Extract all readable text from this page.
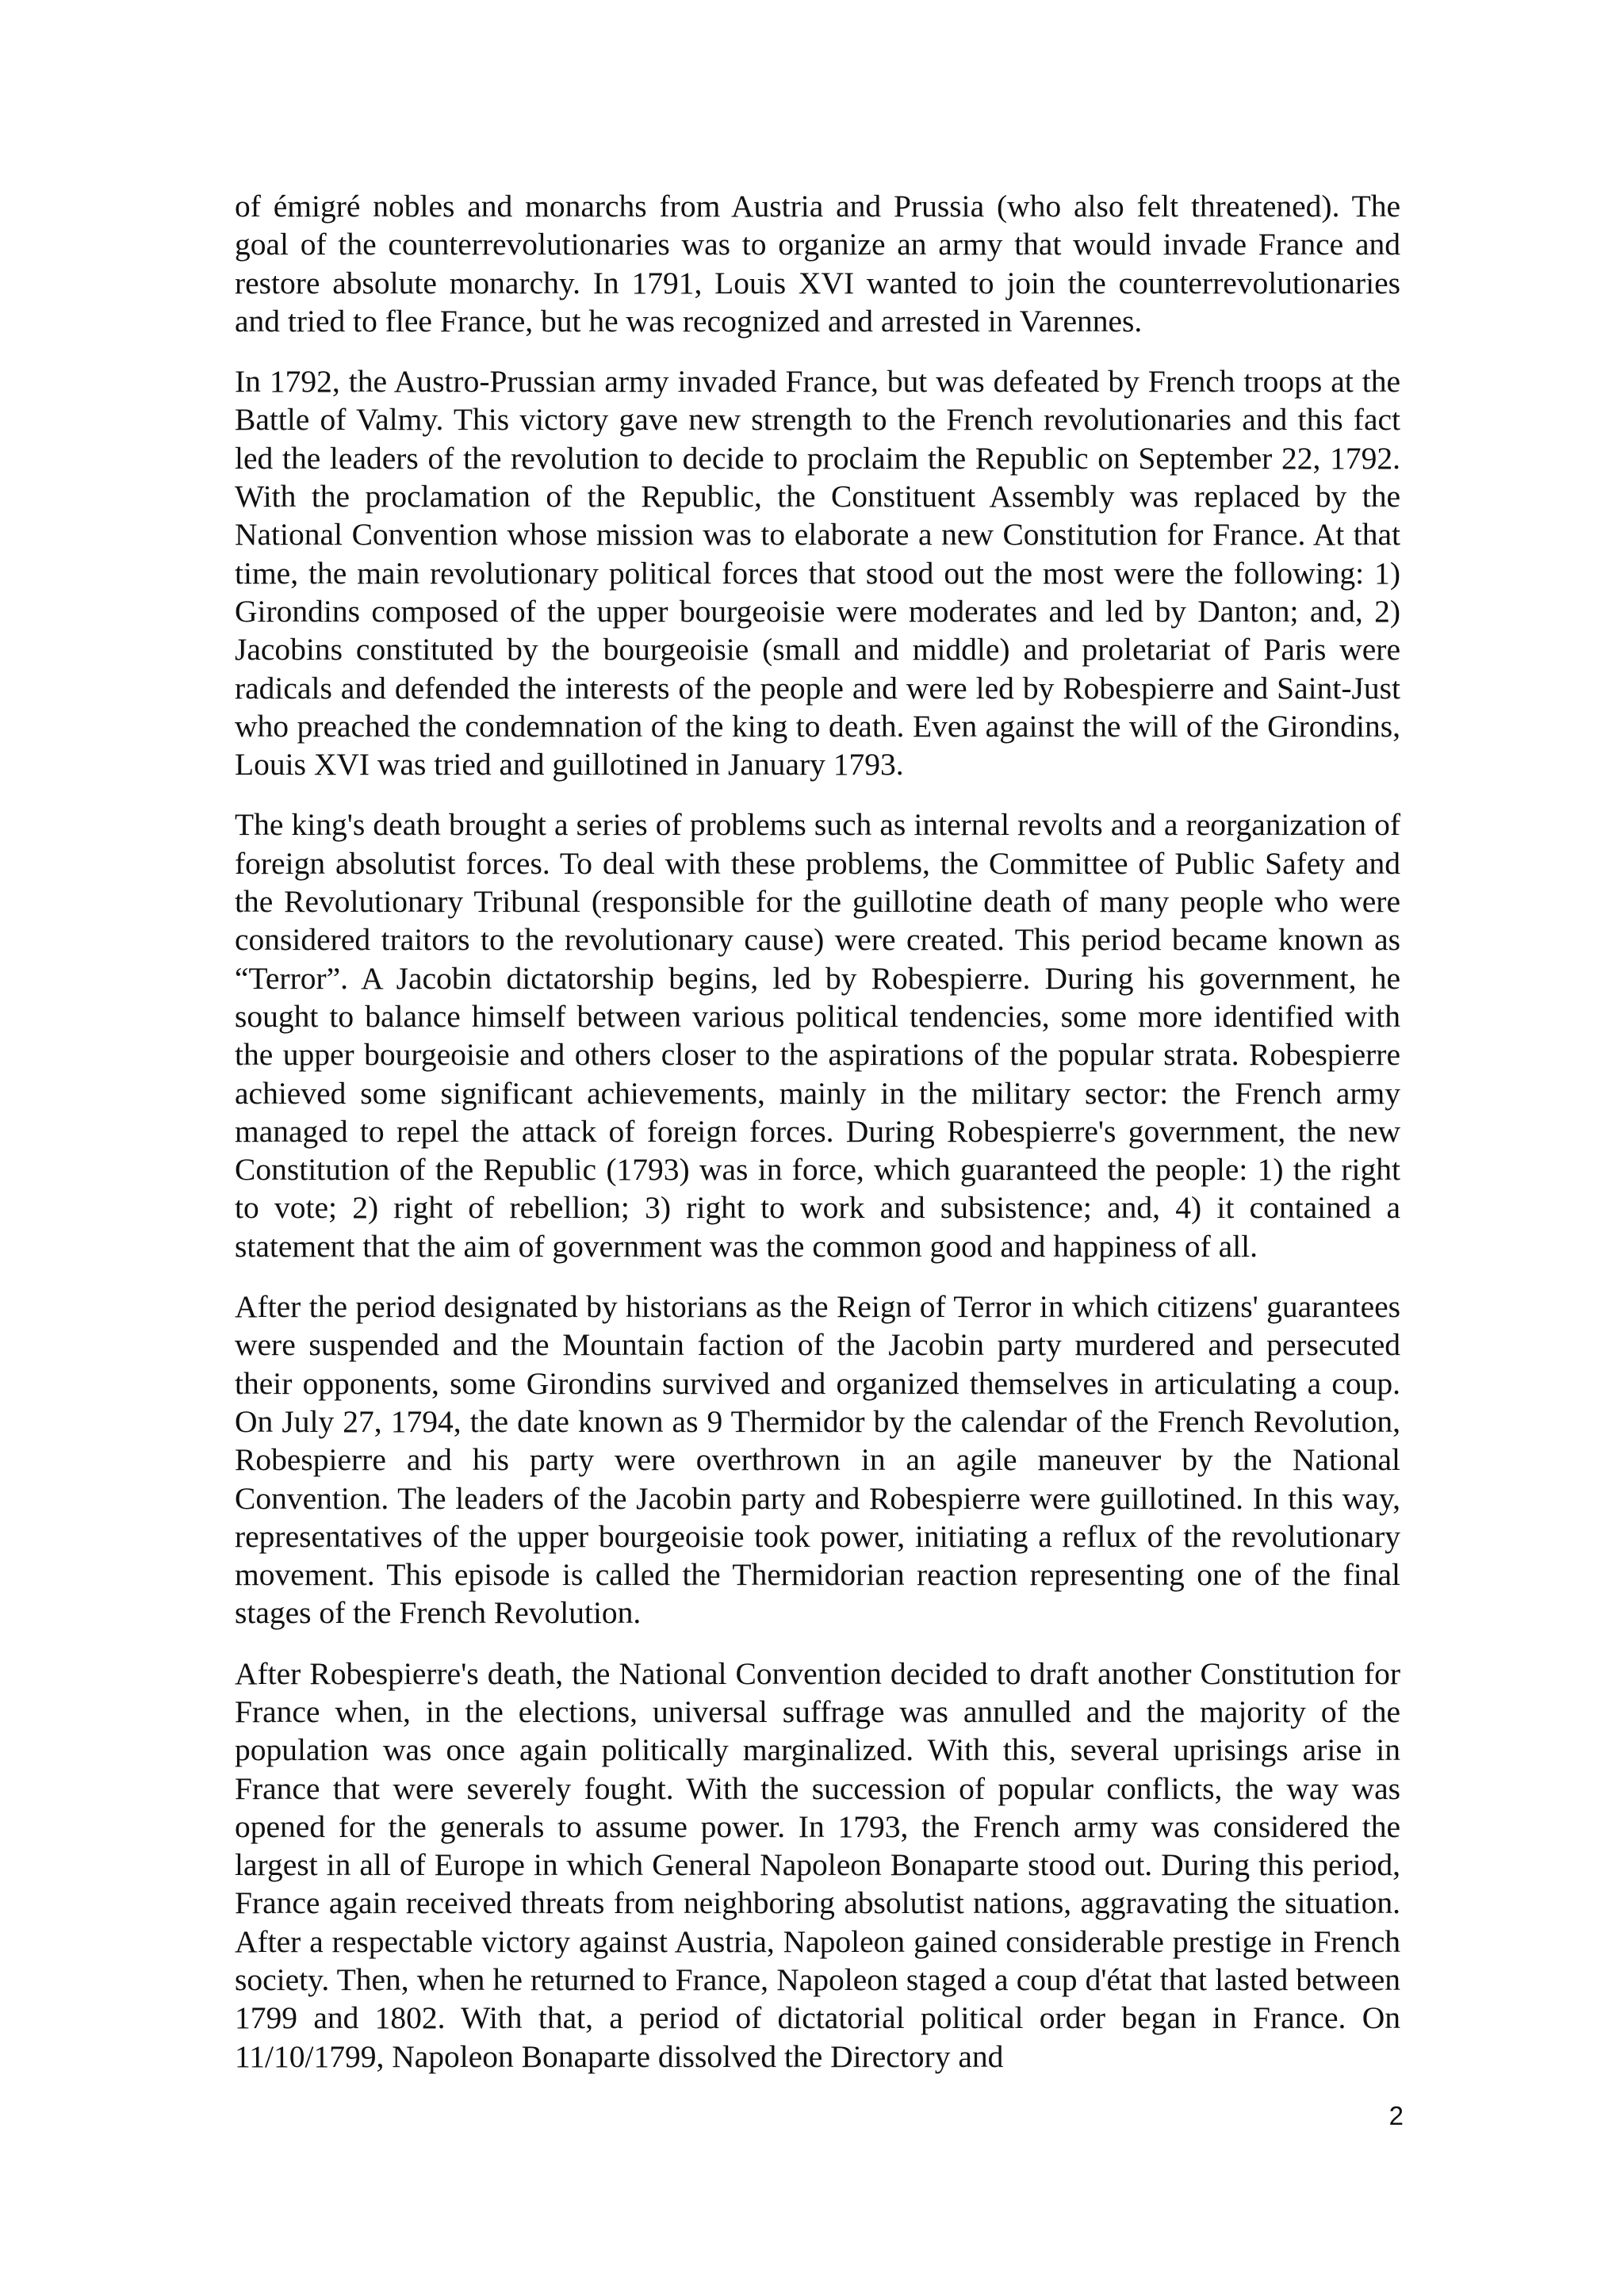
of émigré nobles and monarchs from Austria and Prussia (who also felt threatened). The goal of the counterrevolutionaries was to organize an army that would invade France and restore absolute monarchy. In 1791, Louis XVI wanted to join the counterrevolutionaries and tried to flee France, but he was recognized and arrested in Varennes.

In 1792, the Austro-Prussian army invaded France, but was defeated by French troops at the Battle of Valmy. This victory gave new strength to the French revolutionaries and this fact led the leaders of the revolution to decide to proclaim the Republic on September 22, 1792. With the proclamation of the Republic, the Constituent Assembly was replaced by the National Convention whose mission was to elaborate a new Constitution for France. At that time, the main revolutionary political forces that stood out the most were the following: 1) Girondins composed of the upper bourgeoisie were moderates and led by Danton; and, 2) Jacobins constituted by the bourgeoisie (small and middle) and proletariat of Paris were radicals and defended the interests of the people and were led by Robespierre and Saint-Just who preached the condemnation of the king to death. Even against the will of the Girondins, Louis XVI was tried and guillotined in January 1793.

The king's death brought a series of problems such as internal revolts and a reorganization of foreign absolutist forces. To deal with these problems, the Committee of Public Safety and the Revolutionary Tribunal (responsible for the guillotine death of many people who were considered traitors to the revolutionary cause) were created. This period became known as “Terror”. A Jacobin dictatorship begins, led by Robespierre. During his government, he sought to balance himself between various political tendencies, some more identified with the upper bourgeoisie and others closer to the aspirations of the popular strata. Robespierre achieved some significant achievements, mainly in the military sector: the French army managed to repel the attack of foreign forces. During Robespierre's government, the new Constitution of the Republic (1793) was in force, which guaranteed the people: 1) the right to vote; 2) right of rebellion; 3) right to work and subsistence; and, 4) it contained a statement that the aim of government was the common good and happiness of all.

After the period designated by historians as the Reign of Terror in which citizens' guarantees were suspended and the Mountain faction of the Jacobin party murdered and persecuted their opponents, some Girondins survived and organized themselves in articulating a coup. On July 27, 1794, the date known as 9 Thermidor by the calendar of the French Revolution, Robespierre and his party were overthrown in an agile maneuver by the National Convention. The leaders of the Jacobin party and Robespierre were guillotined. In this way, representatives of the upper bourgeoisie took power, initiating a reflux of the revolutionary movement. This episode is called the Thermidorian reaction representing one of the final stages of the French Revolution.

After Robespierre's death, the National Convention decided to draft another Constitution for France when, in the elections, universal suffrage was annulled and the majority of the population was once again politically marginalized. With this, several uprisings arise in France that were severely fought. With the succession of popular conflicts, the way was opened for the generals to assume power. In 1793, the French army was considered the largest in all of Europe in which General Napoleon Bonaparte stood out. During this period, France again received threats from neighboring absolutist nations, aggravating the situation. After a respectable victory against Austria, Napoleon gained considerable prestige in French society. Then, when he returned to France, Napoleon staged a coup d'état that lasted between 1799 and 1802. With that, a period of dictatorial political order began in France. On 11/10/1799, Napoleon Bonaparte dissolved the Directory and

2
